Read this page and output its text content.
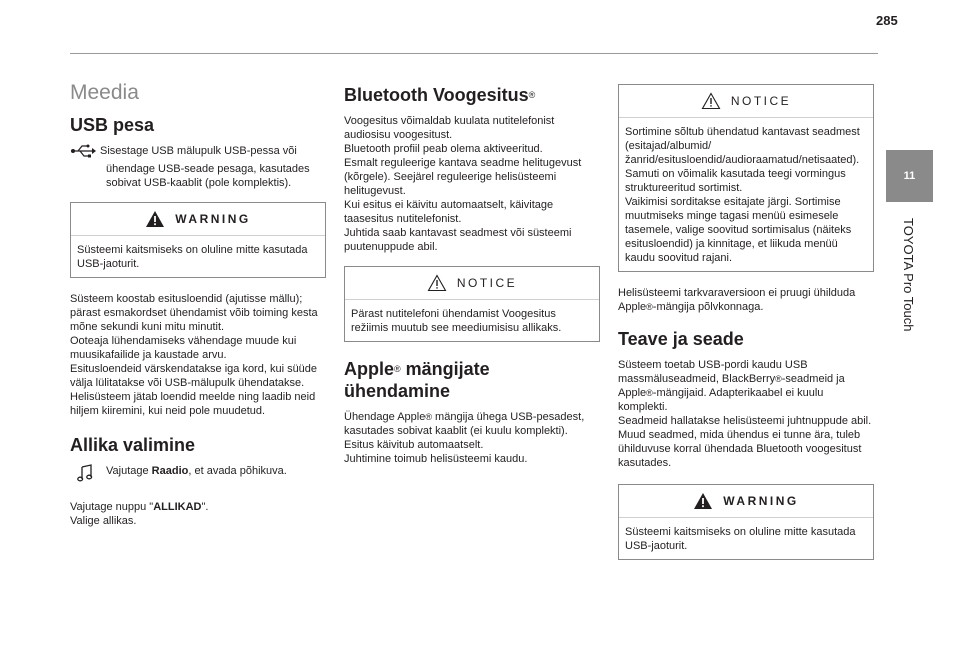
285
11
TOYOTA Pro Touch
Meedia
USB pesa
Sisestage USB mälupulk USB-pessa või ühendage USB-seade pesaga, kasutades sobivat USB-kaablit (pole komplektis).
WARNING
Süsteemi kaitsmiseks on oluline mitte kasutada USB-jaoturit.

Süsteem koostab esitusloendid (ajutisse mällu); pärast esmakordset ühendamist võib toiming kesta mõne sekundi kuni mitu minutit.
Ooteaja lühendamiseks vähendage muude kui muusikafailide ja kaustade arvu.
Esitusloendeid värskendatakse iga kord, kui süüde välja lülitatakse või USB-mälupulk ühendatakse. Helisüsteem jätab loendid meelde ning laadib neid hiljem kiiremini, kui neid pole muudetud.

Allika valimine

Vajutage Raadio, et avada põhikuva.

Vajutage nuppu "ALLIKAD".
Valige allikas.

Bluetooth Voogesitus®

Voogesitus võimaldab kuulata nutitelefonist audiosisu voogesitust.
Bluetooth profiil peab olema aktiveeritud.
Esmalt reguleerige kantava seadme helitugevust (kõrgele). Seejärel reguleerige helisüsteemi helitugevust.
Kui esitus ei käivitu automaatselt, käivitage taasesitus nutitelefonist.
Juhtida saab kantavast seadmest või süsteemi puutenuppude abil.

NOTICE
Pärast nutitelefoni ühendamist Voogesitus režiimis muutub see meediumisisu allikaks.
Apple® mängijate ühendamine

Ühendage Apple® mängija ühega USB-pesadest, kasutades sobivat kaablit (ei kuulu komplekti).
Esitus käivitub automaatselt.
Juhtimine toimub helisüsteemi kaudu.

NOTICE
Sortimine sõltub ühendatud kantavast seadmest (esitajad/albumid/žanrid/esitusloendid/audioraamatud/netisaated).
Samuti on võimalik kasutada teegi vormingus struktureeritud sortimist.
Vaikimisi sorditakse esitajate järgi. Sortimise muutmiseks minge tagasi menüü esimesele tasemele, valige soovitud sortimisalus (näiteks esitusloendid) ja kinnitage, et liikuda menüü kaudu soovitud rajani.

Helisüsteemi tarkvaraversioon ei pruugi ühilduda Apple®-mängija põlvkonnaga.

Teave ja seade

Süsteem toetab USB-pordi kaudu USB massmäluseadmeid, BlackBerry®-seadmeid ja Apple®-mängijaid. Adapterikaabel ei kuulu komplekti.
Seadmeid hallatakse helisüsteemi juhtnuppude abil.
Muud seadmed, mida ühendus ei tunne ära, tuleb ühilduvuse korral ühendada Bluetooth voogesitust kasutades.

WARNING
Süsteemi kaitsmiseks on oluline mitte kasutada USB-jaoturit.
